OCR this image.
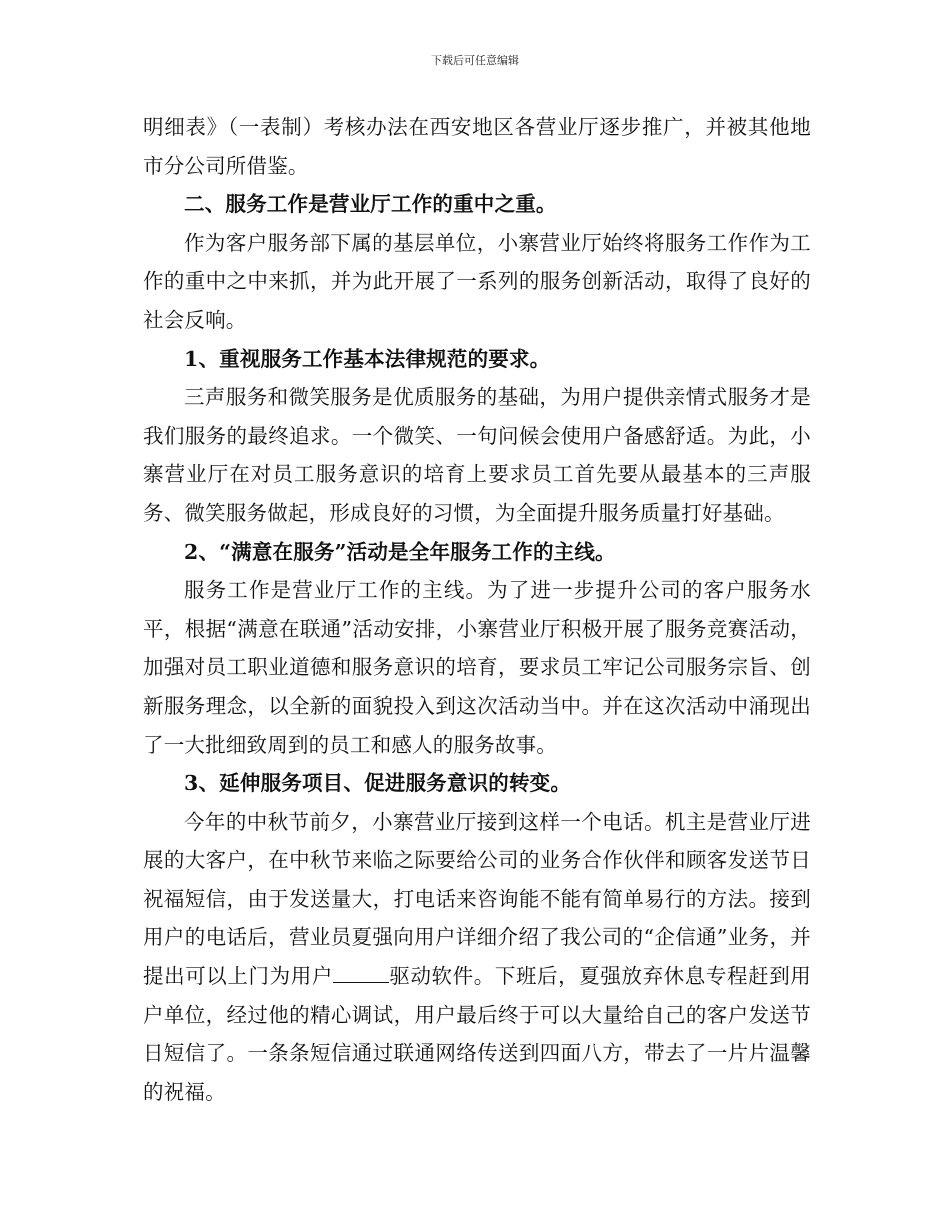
下载后可任意编辑

明细表》（一表制）考核办法在西安地区各营业厅逐步推广，并被其他地市分公司所借鉴。

二、服务工作是营业厅工作的重中之重。

作为客户服务部下属的基层单位，小寨营业厅始终将服务工作作为工作的重中之中来抓，并为此开展了一系列的服务创新活动，取得了良好的社会反响。

1、重视服务工作基本法律规范的要求。

三声服务和微笑服务是优质服务的基础，为用户提供亲情式服务才是我们服务的最终追求。一个微笑、一句问候会使用户备感舒适。为此，小寨营业厅在对员工服务意识的培育上要求员工首先要从最基本的三声服务、微笑服务做起，形成良好的习惯，为全面提升服务质量打好基础。

2、“满意在服务”活动是全年服务工作的主线。

服务工作是营业厅工作的主线。为了进一步提升公司的客户服务水平，根据“满意在联通”活动安排，小寨营业厅积极开展了服务竞赛活动，加强对员工职业道德和服务意识的培育，要求员工牢记公司服务宗旨、创新服务理念，以全新的面貌投入到这次活动当中。并在这次活动中涌现出了一大批细致周到的员工和感人的服务故事。

3、延伸服务项目、促进服务意识的转变。

今年的中秋节前夕，小寨营业厅接到这样一个电话。机主是营业厅进展的大客户，在中秋节来临之际要给公司的业务合作伙伴和顾客发送节日祝福短信，由于发送量大，打电话来咨询能不能有简单易行的方法。接到用户的电话后，营业员夏强向用户详细介绍了我公司的“企信通”业务，并提出可以上门为用户	驱动软件。下班后，夏强放弃休息专程赶到用户单位，经过他的精心调试，用户最后终于可以大量给自己的客户发送节日短信了。一条条短信通过联通网络传送到四面八方，带去了一片片温馨的祝福。
